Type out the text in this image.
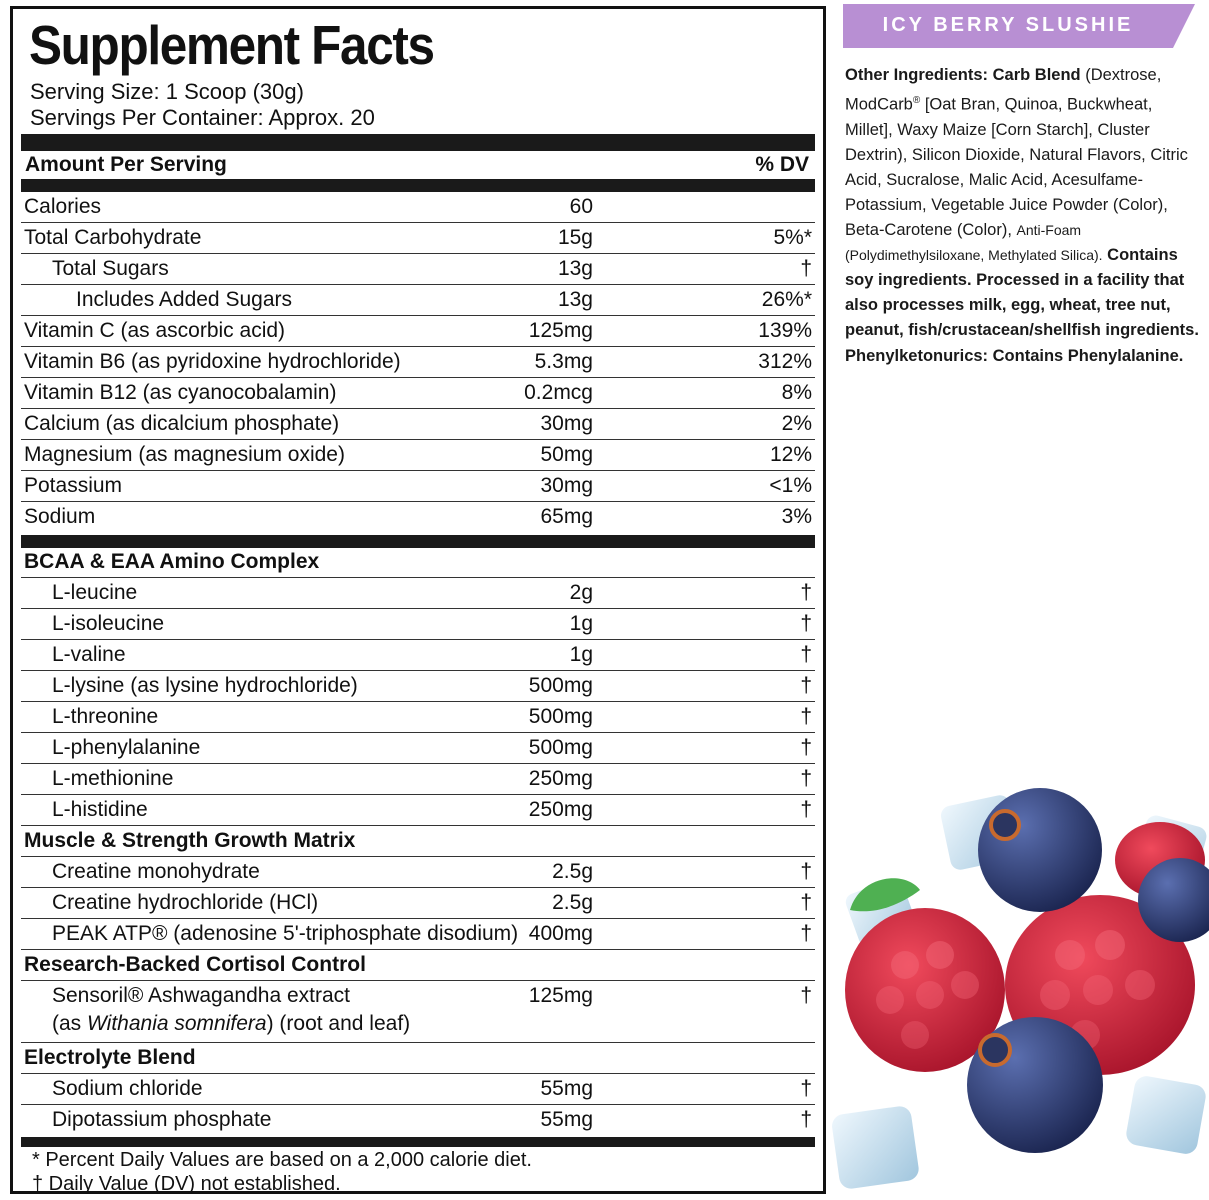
Supplement Facts
Serving Size: 1 Scoop (30g)
Servings Per Container: Approx. 20
Amount Per Serving	% DV
Calories	60
Total Carbohydrate	15g	5%*
Total Sugars	13g	†
Includes Added Sugars	13g	26%*
Vitamin C (as ascorbic acid)	125mg	139%
Vitamin B6 (as pyridoxine hydrochloride)	5.3mg	312%
Vitamin B12 (as cyanocobalamin)	0.2mcg	8%
Calcium (as dicalcium phosphate)	30mg	2%
Magnesium (as magnesium oxide)	50mg	12%
Potassium	30mg	<1%
Sodium	65mg	3%
BCAA & EAA Amino Complex
L-leucine	2g	†
L-isoleucine	1g	†
L-valine	1g	†
L-lysine (as lysine hydrochloride)	500mg	†
L-threonine	500mg	†
L-phenylalanine	500mg	†
L-methionine	250mg	†
L-histidine	250mg	†
Muscle & Strength Growth Matrix
Creatine monohydrate	2.5g	†
Creatine hydrochloride (HCl)	2.5g	†
PEAK ATP® (adenosine 5'-triphosphate disodium) 400mg	†
Research-Backed Cortisol Control
Sensoril® Ashwagandha extract
(as Withania somnifera) (root and leaf)
125mg	†
Electrolyte Blend
Sodium chloride	55mg	†
Dipotassium phosphate	55mg	†
* Percent Daily Values are based on a 2,000 calorie diet.
† Daily Value (DV) not established.
ICY BERRY SLUSHIE
Other Ingredients: Carb Blend (Dextrose, ModCarb® [Oat Bran, Quinoa, Buckwheat, Millet], Waxy Maize [Corn Starch], Cluster Dextrin), Silicon Dioxide, Natural Flavors, Citric Acid, Sucralose, Malic Acid, Acesulfame-Potassium, Vegetable Juice Powder (Color), Beta-Carotene (Color), Anti-Foam (Polydimethylsiloxane, Methylated Silica). Contains soy ingredients. Processed in a facility that also processes milk, egg, wheat, tree nut, peanut, fish/crustacean/shellfish ingredients. Phenylketonurics: Contains Phenylalanine.
